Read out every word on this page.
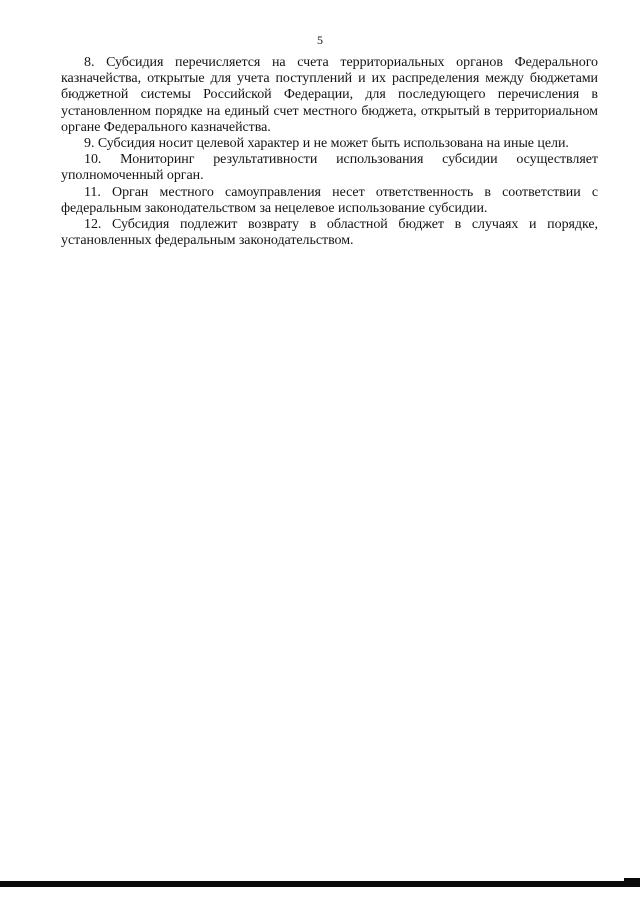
5

8. Субсидия перечисляется на счета территориальных органов Федерального казначейства, открытые для учета поступлений и их распределения между бюджетами бюджетной системы Российской Федерации, для последующего перечисления в установленном порядке на единый счет местного бюджета, открытый в территориальном органе Федерального казначейства.

9. Субсидия носит целевой характер и не может быть использована на иные цели.

10. Мониторинг результативности использования субсидии осуществляет уполномоченный орган.

11. Орган местного самоуправления несет ответственность в соответствии с федеральным законодательством за нецелевое использование субсидии.

12. Субсидия подлежит возврату в областной бюджет в случаях и порядке, установленных федеральным законодательством.
